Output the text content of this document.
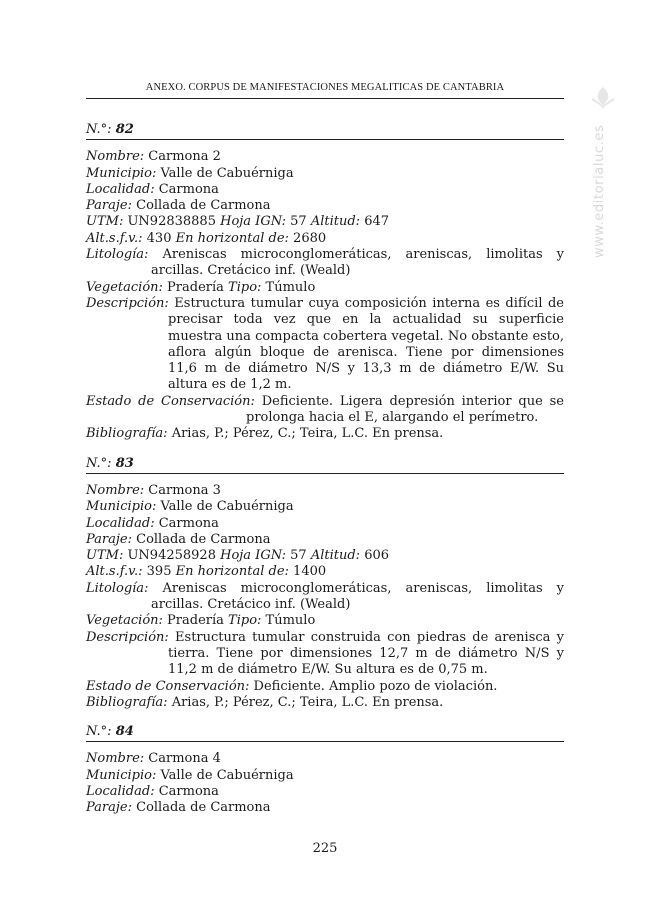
ANEXO. CORPUS DE MANIFESTACIONES MEGALITICAS DE CANTABRIA
www.editorialuc.es
N.°: 82
Nombre: Carmona 2
Municipio: Valle de Cabuérniga
Localidad: Carmona
Paraje: Collada de Carmona
UTM: UN92838885 Hoja IGN: 57 Altitud: 647
Alt.s.f.v.: 430 En horizontal de: 2680
Litología: Areniscas microconglomeráticas, areniscas, limolitas y arcillas. Cretácico inf. (Weald)
Vegetación: Pradería Tipo: Túmulo
Descripción: Estructura tumular cuya composición interna es difícil de precisar toda vez que en la actualidad su superficie muestra una compacta cobertera vegetal. No obstante esto, aflora algún bloque de arenisca. Tiene por dimensiones 11,6 m de diámetro N/S y 13,3 m de diámetro E/W. Su altura es de 1,2 m.
Estado de Conservación: Deficiente. Ligera depresión interior que se prolonga hacia el E, alargando el perímetro.
Bibliografía: Arias, P.; Pérez, C.; Teira, L.C. En prensa.
N.°: 83
Nombre: Carmona 3
Municipio: Valle de Cabuérniga
Localidad: Carmona
Paraje: Collada de Carmona
UTM: UN94258928 Hoja IGN: 57 Altitud: 606
Alt.s.f.v.: 395 En horizontal de: 1400
Litología: Areniscas microconglomeráticas, areniscas, limolitas y arcillas. Cretácico inf. (Weald)
Vegetación: Pradería Tipo: Túmulo
Descripción: Estructura tumular construida con piedras de arenisca y tierra. Tiene por dimensiones 12,7 m de diámetro N/S y 11,2 m de diámetro E/W. Su altura es de 0,75 m.
Estado de Conservación: Deficiente. Amplio pozo de violación.
Bibliografía: Arias, P.; Pérez, C.; Teira, L.C. En prensa.
N.°: 84
Nombre: Carmona 4
Municipio: Valle de Cabuérniga
Localidad: Carmona
Paraje: Collada de Carmona
225
